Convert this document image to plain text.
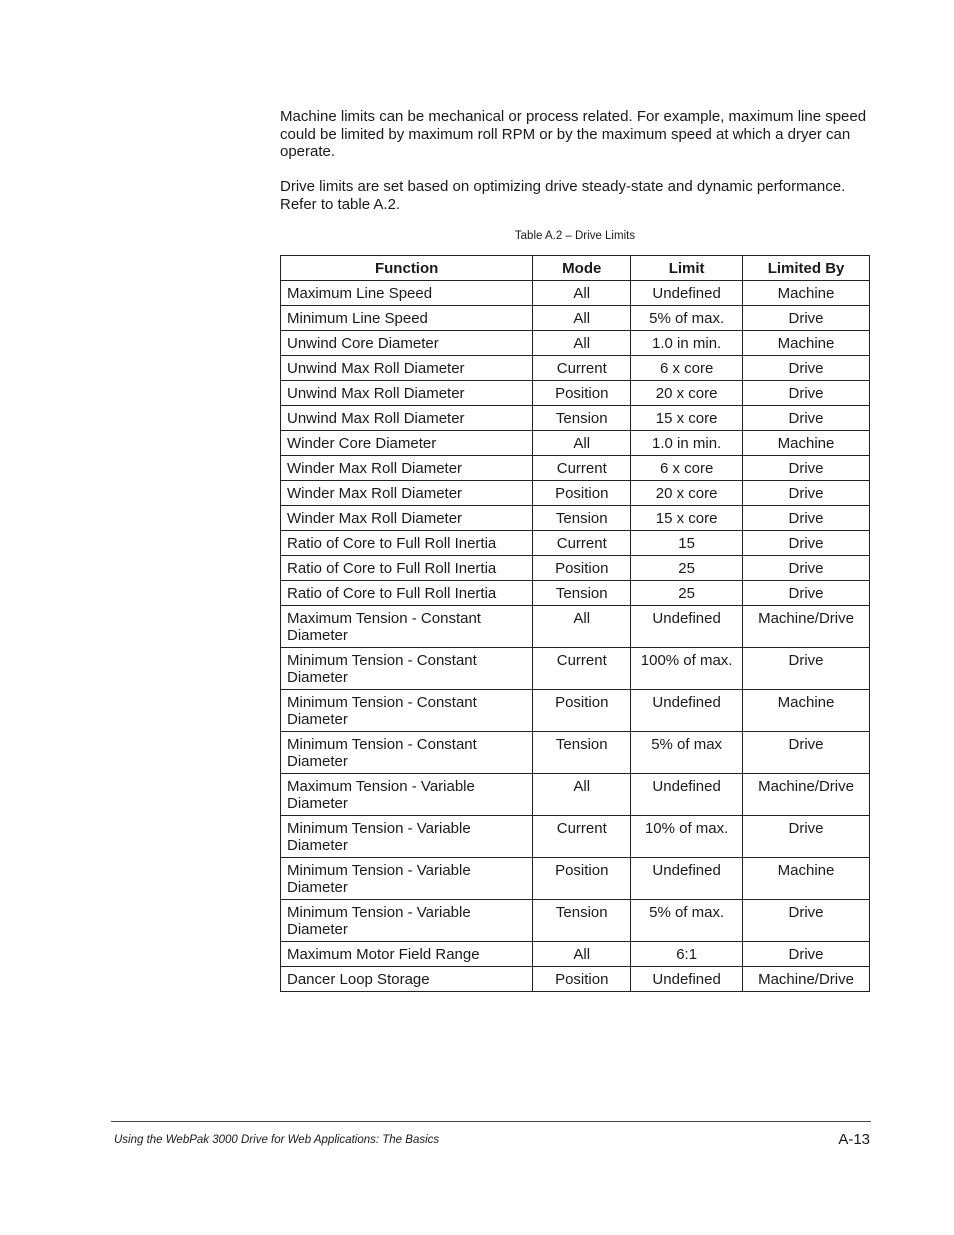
Machine limits can be mechanical or process related. For example, maximum line speed could be limited by maximum roll RPM or by the maximum speed at which a dryer can operate.

Drive limits are set based on optimizing drive steady-state and dynamic performance. Refer to table A.2.

Table A.2 – Drive Limits
Function	Mode	Limit	Limited By
Maximum Line Speed	All	Undefined	Machine
Minimum Line Speed	All	5% of max.	Drive
Unwind Core Diameter	All	1.0 in min.	Machine
Unwind Max Roll Diameter	Current	6 x core	Drive
Unwind Max Roll Diameter	Position	20 x core	Drive
Unwind Max Roll Diameter	Tension	15 x core	Drive
Winder Core Diameter	All	1.0 in min.	Machine
Winder Max Roll Diameter	Current	6 x core	Drive
Winder Max Roll Diameter	Position	20 x core	Drive
Winder Max Roll Diameter	Tension	15 x core	Drive
Ratio of Core to Full Roll Inertia	Current	15	Drive
Ratio of Core to Full Roll Inertia	Position	25	Drive
Ratio of Core to Full Roll Inertia	Tension	25	Drive
Maximum Tension - Constant Diameter	All	Undefined	Machine/Drive
Minimum Tension - Constant Diameter	Current	100% of max.	Drive
Minimum Tension - Constant Diameter	Position	Undefined	Machine
Minimum Tension - Constant Diameter	Tension	5% of max	Drive
Maximum Tension - Variable Diameter	All	Undefined	Machine/Drive
Minimum Tension - Variable Diameter	Current	10% of max.	Drive
Minimum Tension - Variable Diameter	Position	Undefined	Machine
Minimum Tension - Variable Diameter	Tension	5% of max.	Drive
Maximum Motor Field Range	All	6:1	Drive
Dancer Loop Storage	Position	Undefined	Machine/Drive
Using the WebPak 3000 Drive for Web Applications: The Basics	A-13
